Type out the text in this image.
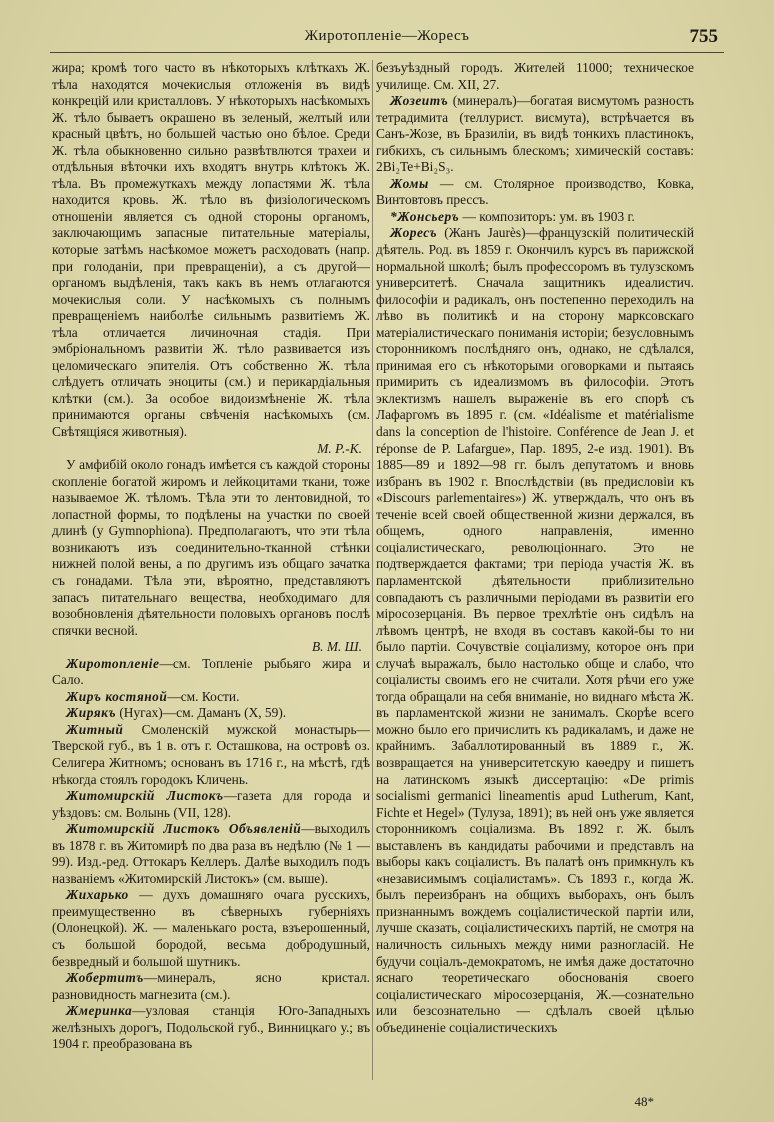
Жиротопленіе—Жоресъ	755

жира; кромѣ того часто въ нѣкоторыхъ клѣткахъ Ж. тѣла находятся мочекислыя отложенія въ видѣ конкрецій или кристалловъ. У нѣкоторыхъ насѣкомыхъ Ж. тѣло бываетъ окрашено въ зеленый, желтый или красный цвѣтъ, но большей частью оно бѣлое. Среди Ж. тѣла обыкновенно сильно развѣтвлются трахеи и отдѣльныя вѣточки ихъ входятъ внутрь клѣтокъ Ж. тѣла. Въ промежуткахъ между лопастями Ж. тѣла находится кровь. Ж. тѣло въ физіологическомъ отношеніи является съ одной стороны органомъ, заключающимъ запасные питательные матеріалы, которые затѣмъ насѣкомое можетъ расходовать (напр. при голоданіи, при превращеніи), а съ другой—органомъ выдѣленія, такъ какъ въ немъ отлагаются мочекислыя соли. У насѣкомыхъ съ полнымъ превращеніемъ наиболѣе сильнымъ развитіемъ Ж. тѣла отличается личиночная стадія. При эмбріональномъ развитіи Ж. тѣло развивается изъ целомическаго эпителія. Отъ собственно Ж. тѣла слѣдуетъ отличать эноциты (см.) и перикардіальныя клѣтки (см.). За особое видоизмѣненіе Ж. тѣла принимаются органы свѣченія насѣкомыхъ (см. Свѣтящіяся животныя).

М. Р.-К.

У амфибій около гонадъ имѣется съ каждой стороны скопленіе богатой жиромъ и лейкоцитами ткани, тоже называемое Ж. тѣломъ. Тѣла эти то лентовидной, то лопастной формы, то подѣлены на участки по своей длинѣ (у Gymnophiona). Предполагаютъ, что эти тѣла возникаютъ изъ соединительно-тканной стѣнки нижней полой вены, а по другимъ изъ общаго зачатка съ гонадами. Тѣла эти, вѣроятно, представляютъ запасъ питательнаго вещества, необходимаго для возобновленія дѣятельности половыхъ органовъ послѣ спячки весной.

В. М. Ш.

Жиротопленіе—см. Топленіе рыбьяго жира и Сало.

Жиръ костяной—см. Кости.

Жирякъ (Нугах)—см. Даманъ (X, 59).

Житный Смоленскій мужской монастырь—Тверской губ., въ 1 в. отъ г. Осташкова, на островѣ оз. Селигера Житномъ; основанъ въ 1716 г., на мѣстѣ, гдѣ нѣкогда стоялъ городокъ Кличень.

Житомирскій Листокъ—газета для города и уѣздовъ: см. Волынь (VII, 128).

Житомирскій Листокъ Объявленій—выходилъ въ 1878 г. въ Житомирѣ по два раза въ недѣлю (№ 1 — 99). Изд.-ред. Оттокаръ Келлеръ. Далѣе выходилъ подъ названіемъ «Житомирскій Листокъ» (см. выше).

Жихарько — духъ домашняго очага русскихъ, преимущественно въ сѣверныхъ губерніяхъ (Олонецкой). Ж. — маленькаго роста, взъерошенный, съ большой бородой, весьма добродушный, безвредный и большой шутникъ.

Жобертитъ—минералъ, ясно кристал. разновидность магнезита (см.).

Жмеринка—узловая станція Юго-Западныхъ желѣзныхъ дорогъ, Подольской губ., Винницкаго у.; въ 1904 г. преобразована въ

безъуѣздный городъ. Жителей 11000; техническое училище. См. XII, 27.

Жозеитъ (минералъ)—богатая висмутомъ разность тетрадимита (теллурист. висмута), встрѣчается въ Санъ-Жозе, въ Бразиліи, въ видѣ тонкихъ пластинокъ, гибкихъ, съ сильнымъ блескомъ; химическій составъ: 2Bi₂Te+Bi₂S₃.

Жомы — см. Столярное производство, Ковка, Винтовтовъ прессъ.

*Жонсьеръ — композиторъ: ум. въ 1903 г.

Жоресъ (Жанъ Jaurès)—французскій политическій дѣятель. Род. въ 1859 г. Окончилъ курсъ въ парижской нормальной школѣ; былъ профессоромъ въ тулузскомъ университетѣ. Сначала защитникъ идеалистич. философіи и радикалъ, онъ постепенно переходилъ на лѣво въ политикѣ и на сторону марксовскаго матеріалистическаго пониманія исторіи; безусловнымъ сторонникомъ послѣдняго онъ, однако, не сдѣлался, принимая его съ нѣкоторыми оговорками и пытаясь примирить съ идеализмомъ въ философіи. Этотъ эклектизмъ нашелъ выраженіе въ его спорѣ съ Лафаргомъ въ 1895 г. (см. «Idéalisme et matérialisme dans la conception de l'histoire. Conférence de Jean J. et réponse de P. Lafargue», Пар. 1895, 2-е изд. 1901). Въ 1885—89 и 1892—98 гг. былъ депутатомъ и вновь избранъ въ 1902 г. Впослѣдствіи (въ предисловіи къ «Discours parlementaires») Ж. утверждалъ, что онъ въ теченіе всей своей общественной жизни держался, въ общемъ, одного направленія, именно соціалистическаго, революціоннаго. Это не подтверждается фактами; три періода участія Ж. въ парламентской дѣятельности приблизительно совпадаютъ съ различными періодами въ развитіи его міросозерцанія. Въ первое трехлѣтіе онъ сидѣлъ на лѣвомъ центрѣ, не входя въ составъ какой-бы то ни было партіи. Сочувствіе соціализму, которое онъ при случаѣ выражалъ, было настолько обще и слабо, что соціалисты своимъ его не считали. Хотя рѣчи его уже тогда обращали на себя вниманіе, но виднаго мѣста Ж. въ парламентской жизни не занималъ. Скорѣе всего можно было его причислить къ радикаламъ, и даже не крайнимъ. Забаллотированный въ 1889 г., Ж. возвращается на университетскую каѳедру и пишетъ на латинскомъ языкѣ диссертацію: «De primis socialismi germanici lineamentis apud Lutherum, Kant, Fichte et Hegel» (Тулуза, 1891); въ ней онъ уже является сторонникомъ соціализма. Въ 1892 г. Ж. былъ выставленъ въ кандидаты рабочими и представлъ на выборы какъ соціалистъ. Въ палатѣ онъ примкнулъ къ «независимымъ соціалистамъ». Съ 1893 г., когда Ж. былъ переизбранъ на общихъ выборахъ, онъ былъ признаннымъ вождемъ соціалистической партіи или, лучше сказать, соціалистическихъ партій, не смотря на наличность сильныхъ между ними разногласій. Не будучи соціалъ-демократомъ, не имѣя даже достаточно яснаго теоретическаго обоснованія своего соціалистическаго міросозерцанія, Ж.—сознательно или безсознательно — сдѣлалъ своей цѣлью объединеніе соціалистическихъ

48*
